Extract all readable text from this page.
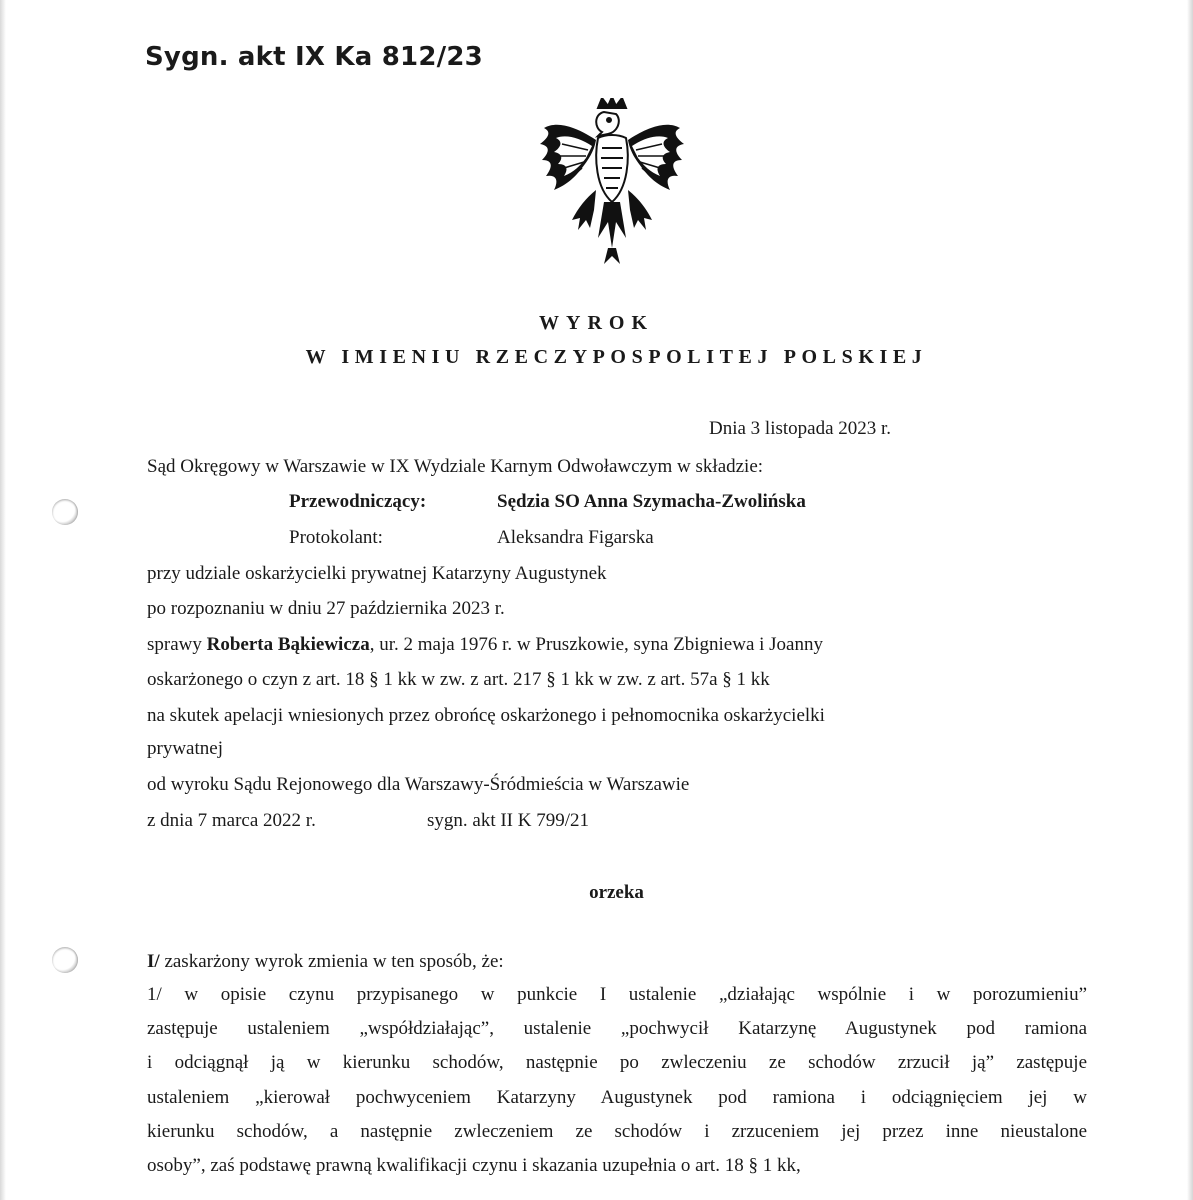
Sygn. akt IX Ka 812/23
WYROK
W IMIENIU RZECZYPOSPOLITEJ POLSKIEJ
Dnia 3 listopada 2023 r.
Sąd Okręgowy w Warszawie w IX Wydziale Karnym Odwoławczym w składzie:
Przewodniczący:	Sędzia SO Anna Szymacha-Zwolińska
Protokolant:	Aleksandra Figarska
przy udziale oskarżycielki prywatnej Katarzyny Augustynek
po rozpoznaniu w dniu 27 października 2023 r.
sprawy Roberta Bąkiewicza, ur. 2 maja 1976 r. w Pruszkowie, syna Zbigniewa i Joanny
oskarżonego o czyn z art. 18 § 1 kk w zw. z art. 217 § 1 kk w zw. z art. 57a § 1 kk
na skutek apelacji wniesionych przez obrońcę oskarżonego i pełnomocnika oskarżycielki
prywatnej
od wyroku Sądu Rejonowego dla Warszawy-Śródmieścia w Warszawie
z dnia 7 marca 2022 r.	sygn. akt II K 799/21
orzeka
I/ zaskarżony wyrok zmienia w ten sposób, że:
1/ w opisie czynu przypisanego w punkcie I ustalenie „działając wspólnie i w porozumieniu”
zastępuje ustaleniem „współdziałając”, ustalenie „pochwycił Katarzynę Augustynek pod ramiona
i odciągnął ją w kierunku schodów, następnie po zwleczeniu ze schodów zrzucił ją” zastępuje
ustaleniem „kierował pochwyceniem Katarzyny Augustynek pod ramiona i odciągnięciem jej w
kierunku schodów, a następnie zwleczeniem ze schodów i zrzuceniem jej przez inne nieustalone
osoby”, zaś podstawę prawną kwalifikacji czynu i skazania uzupełnia o art. 18 § 1 kk,
